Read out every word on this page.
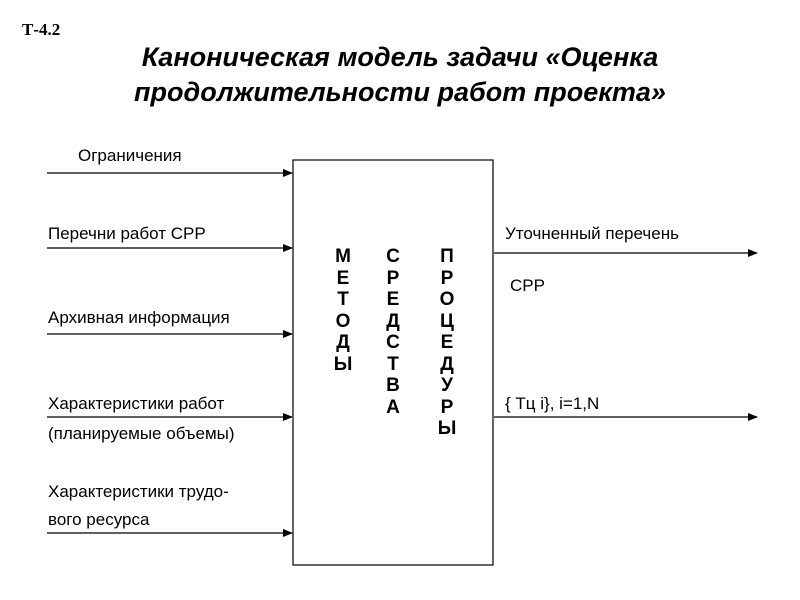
Т-4.2
Каноническая модель задачи «Оценка
продолжительности работ проекта»
Ограничения
Перечни работ СРР
Архивная информация
Характеристики работ
(планируемые объемы)
Характеристики трудо-
вого ресурса
Уточненный перечень
СРР
{ Тц i}, i=1,N
М
Е
Т
О
Д
Ы
С
Р
Е
Д
С
Т
В
А
П
Р
О
Ц
Е
Д
У
Р
Ы
